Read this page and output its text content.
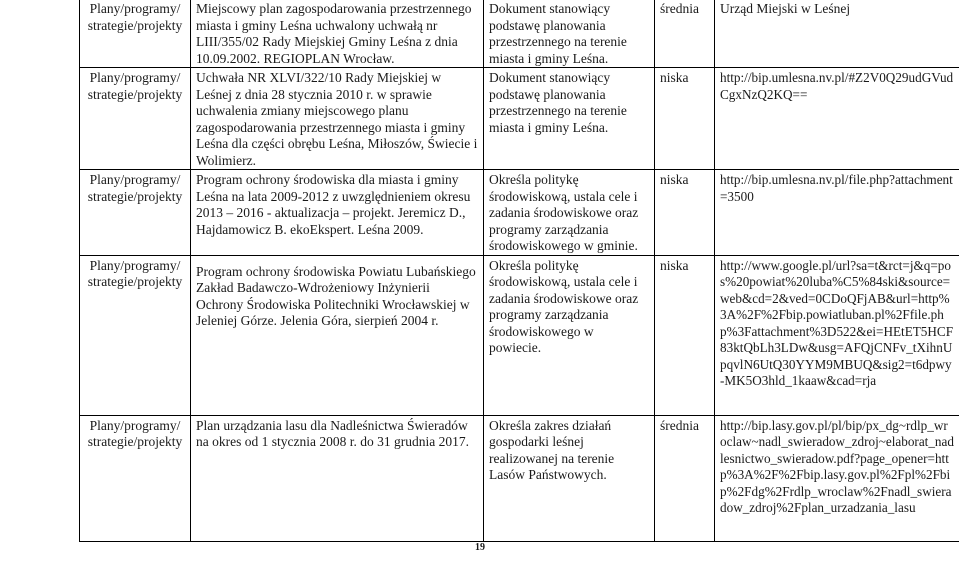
Plany/programy/ strategie/projekty	Miejscowy plan zagospodarowania przestrzennego miasta i gminy Leśna uchwalony uchwałą nr LIII/355/02 Rady Miejskiej Gminy Leśna z dnia 10.09.2002. REGIOPLAN Wrocław.	Dokument stanowiący podstawę planowania przestrzennego na terenie miasta i gminy Leśna.	średnia	Urząd Miejski w Leśnej
Plany/programy/ strategie/projekty	Uchwała NR XLVI/322/10 Rady Miejskiej w Leśnej z dnia 28 stycznia 2010 r. w sprawie uchwalenia zmiany miejscowego planu zagospodarowania przestrzennego miasta i gminy Leśna dla części obrębu Leśna, Miłoszów, Świecie i Wolimierz.	Dokument stanowiący podstawę planowania przestrzennego na terenie miasta i gminy Leśna.	niska	http://bip.umlesna.nv.pl/#Z2V0Q29udGVudCgxNzQ2KQ==
Plany/programy/ strategie/projekty	Program ochrony środowiska dla miasta i gminy Leśna na lata 2009-2012 z uwzględnieniem okresu 2013 – 2016 - aktualizacja – projekt. Jeremicz D., Hajdamowicz B. ekoEkspert. Leśna 2009.	Określa politykę środowiskową, ustala cele i zadania środowiskowe oraz programy zarządzania środowiskowego w gminie.	niska	http://bip.umlesna.nv.pl/file.php?attachment=3500
Plany/programy/ strategie/projekty	Program ochrony środowiska Powiatu Lubańskiego Zakład Badawczo-Wdrożeniowy Inżynierii Ochrony Środowiska Politechniki Wrocławskiej w Jeleniej Górze. Jelenia Góra, sierpień 2004 r.	Określa politykę środowiskową, ustala cele i zadania środowiskowe oraz programy zarządzania środowiskowego w powiecie.	niska	http://www.google.pl/url?sa=t&rct=j&q=pos%20powiat%20luba%C5%84ski&source=web&cd=2&ved=0CDoQFjAB&url=http%3A%2F%2Fbip.powiatluban.pl%2Ffile.php%3Fattachment%3D522&ei=HEtET5HCF83ktQbLh3LDw&usg=AFQjCNFv_tXihnUpqvlN6UtQ30YYM9MBUQ&sig2=t6dpwy-MK5O3hld_1kaaw&cad=rja
Plany/programy/ strategie/projekty	Plan urządzania lasu dla Nadleśnictwa Świeradów na okres od 1 stycznia 2008 r. do 31 grudnia 2017.	Określa zakres działań gospodarki leśnej realizowanej na terenie Lasów Państwowych.	średnia	http://bip.lasy.gov.pl/pl/bip/px_dg~rdlp_wroclaw~nadl_swieradow_zdroj~elaborat_nadlesnictwo_swieradow.pdf?page_opener=http%3A%2F%2Fbip.lasy.gov.pl%2Fpl%2Fbip%2Fdg%2Frdlp_wroclaw%2Fnadl_swieradow_zdroj%2Fplan_urzadzania_lasu
19
